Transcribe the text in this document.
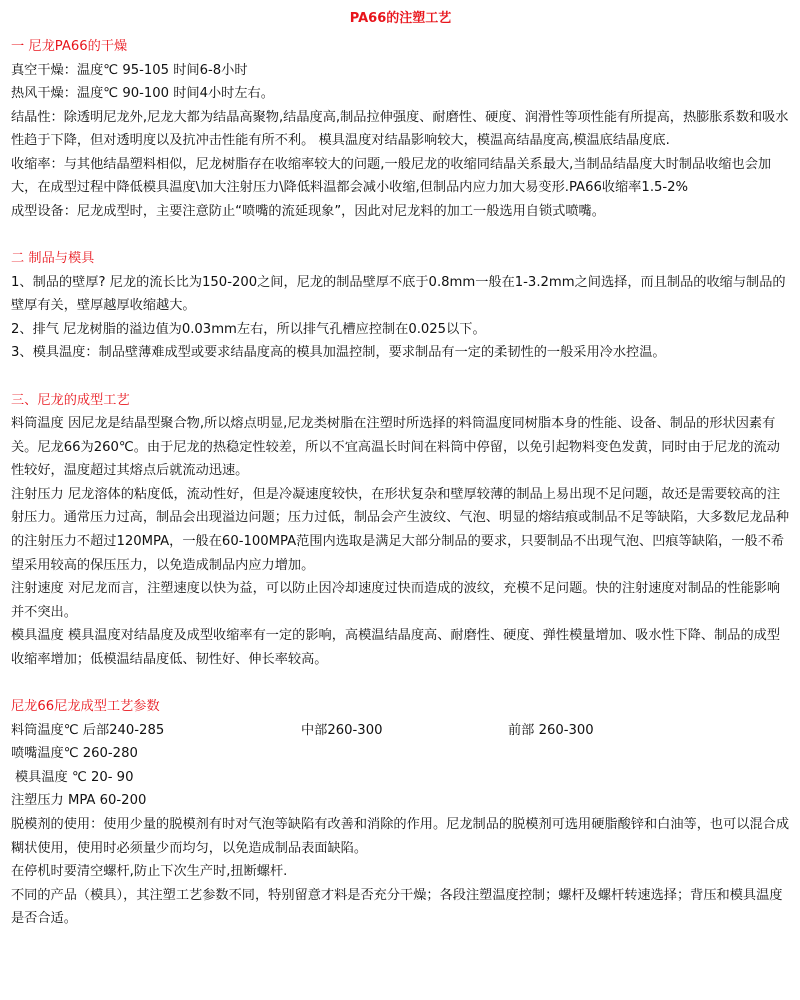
PA66的注塑工艺
一 尼龙PA66的干燥

真空干燥：温度℃ 95-105 时间6-8小时

热风干燥：温度℃ 90-100 时间4小时左右。

结晶性：除透明尼龙外,尼龙大都为结晶高聚物,结晶度高,制品拉伸强度、耐磨性、硬度、润滑性等项性能有所提高，热膨胀系数和吸水性趋于下降，但对透明度以及抗冲击性能有所不利。 模具温度对结晶影响较大，模温高结晶度高,模温底结晶度底.

收缩率：与其他结晶塑料相似，尼龙树脂存在收缩率较大的问题,一般尼龙的收缩同结晶关系最大,当制品结晶度大时制品收缩也会加大，在成型过程中降低模具温度\加大注射压力\降低料温都会减小收缩,但制品内应力加大易变形.PA66收缩率1.5-2%

成型设备：尼龙成型时，主要注意防止“喷嘴的流延现象”，因此对尼龙料的加工一般选用自锁式喷嘴。

二 制品与模具

1、制品的壁厚? 尼龙的流长比为150-200之间，尼龙的制品壁厚不底于0.8mm一般在1-3.2mm之间选择，而且制品的收缩与制品的壁厚有关，壁厚越厚收缩越大。

2、排气 尼龙树脂的溢边值为0.03mm左右，所以排气孔槽应控制在0.025以下。

3、模具温度：制品壁薄难成型或要求结晶度高的模具加温控制，要求制品有一定的柔韧性的一般采用冷水控温。

三、尼龙的成型工艺

料筒温度 因尼龙是结晶型聚合物,所以熔点明显,尼龙类树脂在注塑时所选择的料筒温度同树脂本身的性能、设备、制品的形状因素有关。尼龙66为260℃。由于尼龙的热稳定性较差，所以不宜高温长时间在料筒中停留，以免引起物料变色发黄，同时由于尼龙的流动性较好，温度超过其熔点后就流动迅速。

注射压力 尼龙溶体的粘度低，流动性好，但是冷凝速度较快，在形状复杂和壁厚较薄的制品上易出现不足问题，故还是需要较高的注射压力。通常压力过高，制品会出现溢边问题；压力过低，制品会产生波纹、气泡、明显的熔结痕或制品不足等缺陷，大多数尼龙品种的注射压力不超过120MPA，一般在60-100MPA范围内选取是满足大部分制品的要求，只要制品不出现气泡、凹痕等缺陷，一般不希望采用较高的保压压力，以免造成制品内应力增加。

注射速度 对尼龙而言，注塑速度以快为益，可以防止因冷却速度过快而造成的波纹，充模不足问题。快的注射速度对制品的性能影响并不突出。

模具温度 模具温度对结晶度及成型收缩率有一定的影响，高模温结晶度高、耐磨性、硬度、弹性模量增加、吸水性下降、制品的成型收缩率增加；低模温结晶度低、韧性好、伸长率较高。

尼龙66尼龙成型工艺参数
料筒温度℃ 后部240-285	中部260-300	前部 260-300

喷嘴温度℃ 260-280

模具温度 ℃ 20- 90

注塑压力 MPA 60-200

脱模剂的使用：使用少量的脱模剂有时对气泡等缺陷有改善和消除的作用。尼龙制品的脱模剂可选用硬脂酸锌和白油等，也可以混合成糊状使用，使用时必须量少而均匀，以免造成制品表面缺陷。

在停机时要清空螺杆,防止下次生产时,扭断螺杆.

不同的产品（模具），其注塑工艺参数不同，特别留意才料是否充分干燥；各段注塑温度控制；螺杆及螺杆转速选择；背压和模具温度是否合适。
